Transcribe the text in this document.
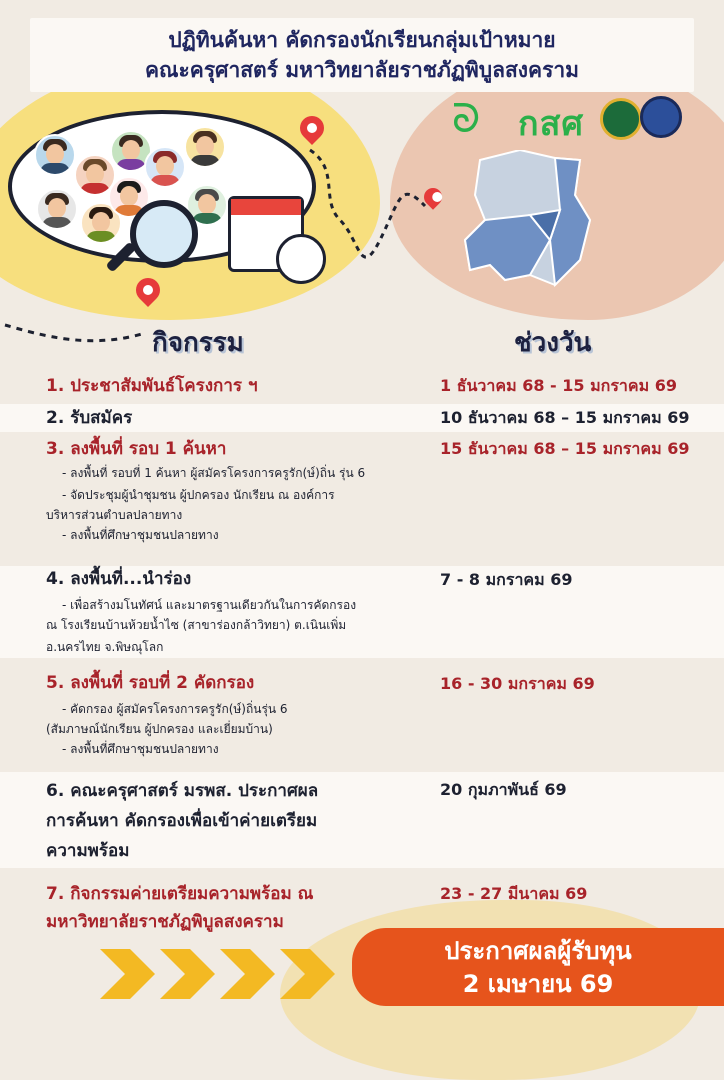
ปฏิทินค้นหา คัดกรองนักเรียนกลุ่มเป้าหมาย
คณะครุศาสตร์ มหาวิทยาลัยราชภัฏพิบูลสงคราม
ᘐ	กสศ
กิจกรรม	ช่วงวัน
1. ประชาสัมพันธ์โครงการ ฯ	1 ธันวาคม 68 - 15 มกราคม 69
2. รับสมัคร	10 ธันวาคม 68 – 15 มกราคม 69
3. ลงพื้นที่ รอบ 1 ค้นหา	15 ธันวาคม 68 – 15 มกราคม 69
- ลงพื้นที่ รอบที่ 1 ค้นหา ผู้สมัครโครงการครูรัก(ษ์)ถิ่น รุ่น 6
- จัดประชุมผู้นำชุมชน ผู้ปกครอง นักเรียน ณ องค์การ
บริหารส่วนตำบลปลายทาง
- ลงพื้นที่ศึกษาชุมชนปลายทาง
4. ลงพื้นที่...นำร่อง	7 - 8 มกราคม 69
- เพื่อสร้างมโนทัศน์ และมาตรฐานเดียวกันในการคัดกรอง
ณ โรงเรียนบ้านห้วยน้ำไซ (สาขาร่องกล้าวิทยา) ต.เนินเพิ่ม
อ.นครไทย จ.พิษณุโลก
5. ลงพื้นที่ รอบที่ 2 คัดกรอง	16 - 30 มกราคม 69
- คัดกรอง ผู้สมัครโครงการครูรัก(ษ์)ถิ่นรุ่น 6
(สัมภาษณ์นักเรียน ผู้ปกครอง และเยี่ยมบ้าน)
- ลงพื้นที่ศึกษาชุมชนปลายทาง
6. คณะครุศาสตร์ มรพส. ประกาศผล
การค้นหา คัดกรองเพื่อเข้าค่ายเตรียม
ความพร้อม
20 กุมภาพันธ์ 69
7. กิจกรรมค่ายเตรียมความพร้อม ณ
มหาวิทยาลัยราชภัฏพิบูลสงคราม
23 - 27 มีนาคม 69
ประกาศผลผู้รับทุน
2 เมษายน 69
